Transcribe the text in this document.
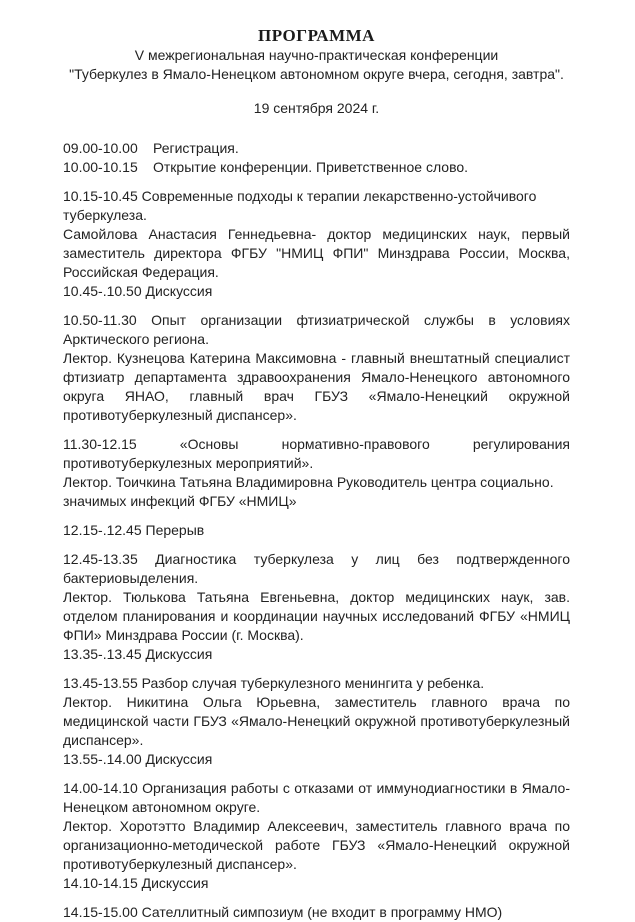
ПРОГРАММА

V межрегиональная научно-практическая конференции

"Туберкулез в Ямало-Ненецком автономном округе вчера, сегодня, завтра".

19 сентября 2024 г.

09.00-10.00	Регистрация.
10.00-10.15	Открытие конференции. Приветственное слово.

10.15-10.45 Современные подходы к терапии лекарственно-устойчивого туберкулеза.

Самойлова Анастасия Геннедьевна- доктор медицинских наук, первый заместитель директора ФГБУ "НМИЦ ФПИ" Минздрава России, Москва, Российская Федерация.

10.45-.10.50 Дискуссия

10.50-11.30 Опыт организации фтизиатрической службы в условиях Арктического региона.

Лектор. Кузнецова Катерина Максимовна - главный внештатный специалист фтизиатр департамента здравоохранения Ямало-Ненецкого автономного округа ЯНАО, главный врач ГБУЗ «Ямало-Ненецкий окружной противотуберкулезный диспансер».

11.30-12.15 «Основы нормативно-правового регулирования противотуберкулезных мероприятий».

Лектор. Тоичкина Татьяна Владимировна Руководитель центра социально. значимых инфекций ФГБУ «НМИЦ»

12.15-.12.45 Перерыв

12.45-13.35 Диагностика туберкулеза у лиц без подтвержденного бактериовыделения.

Лектор. Тюлькова Татьяна Евгеньевна, доктор медицинских наук, зав. отделом планирования и координации научных исследований ФГБУ «НМИЦ ФПИ» Минздрава России (г. Москва).

13.35-.13.45 Дискуссия

13.45-13.55 Разбор случая туберкулезного менингита у ребенка.

Лектор. Никитина Ольга Юрьевна, заместитель главного врача по медицинской части ГБУЗ «Ямало-Ненецкий окружной противотуберкулезный диспансер».

13.55-.14.00 Дискуссия

14.00-14.10 Организация работы с отказами от иммунодиагностики в Ямало-Ненецком автономном округе.

Лектор. Хоротэтто Владимир Алексеевич, заместитель главного врача по организационно-методической работе ГБУЗ «Ямало-Ненецкий окружной противотуберкулезный диспансер».

14.10-14.15 Дискуссия

14.15-15.00 Сателлитный симпозиум (не входит в программу НМО)
